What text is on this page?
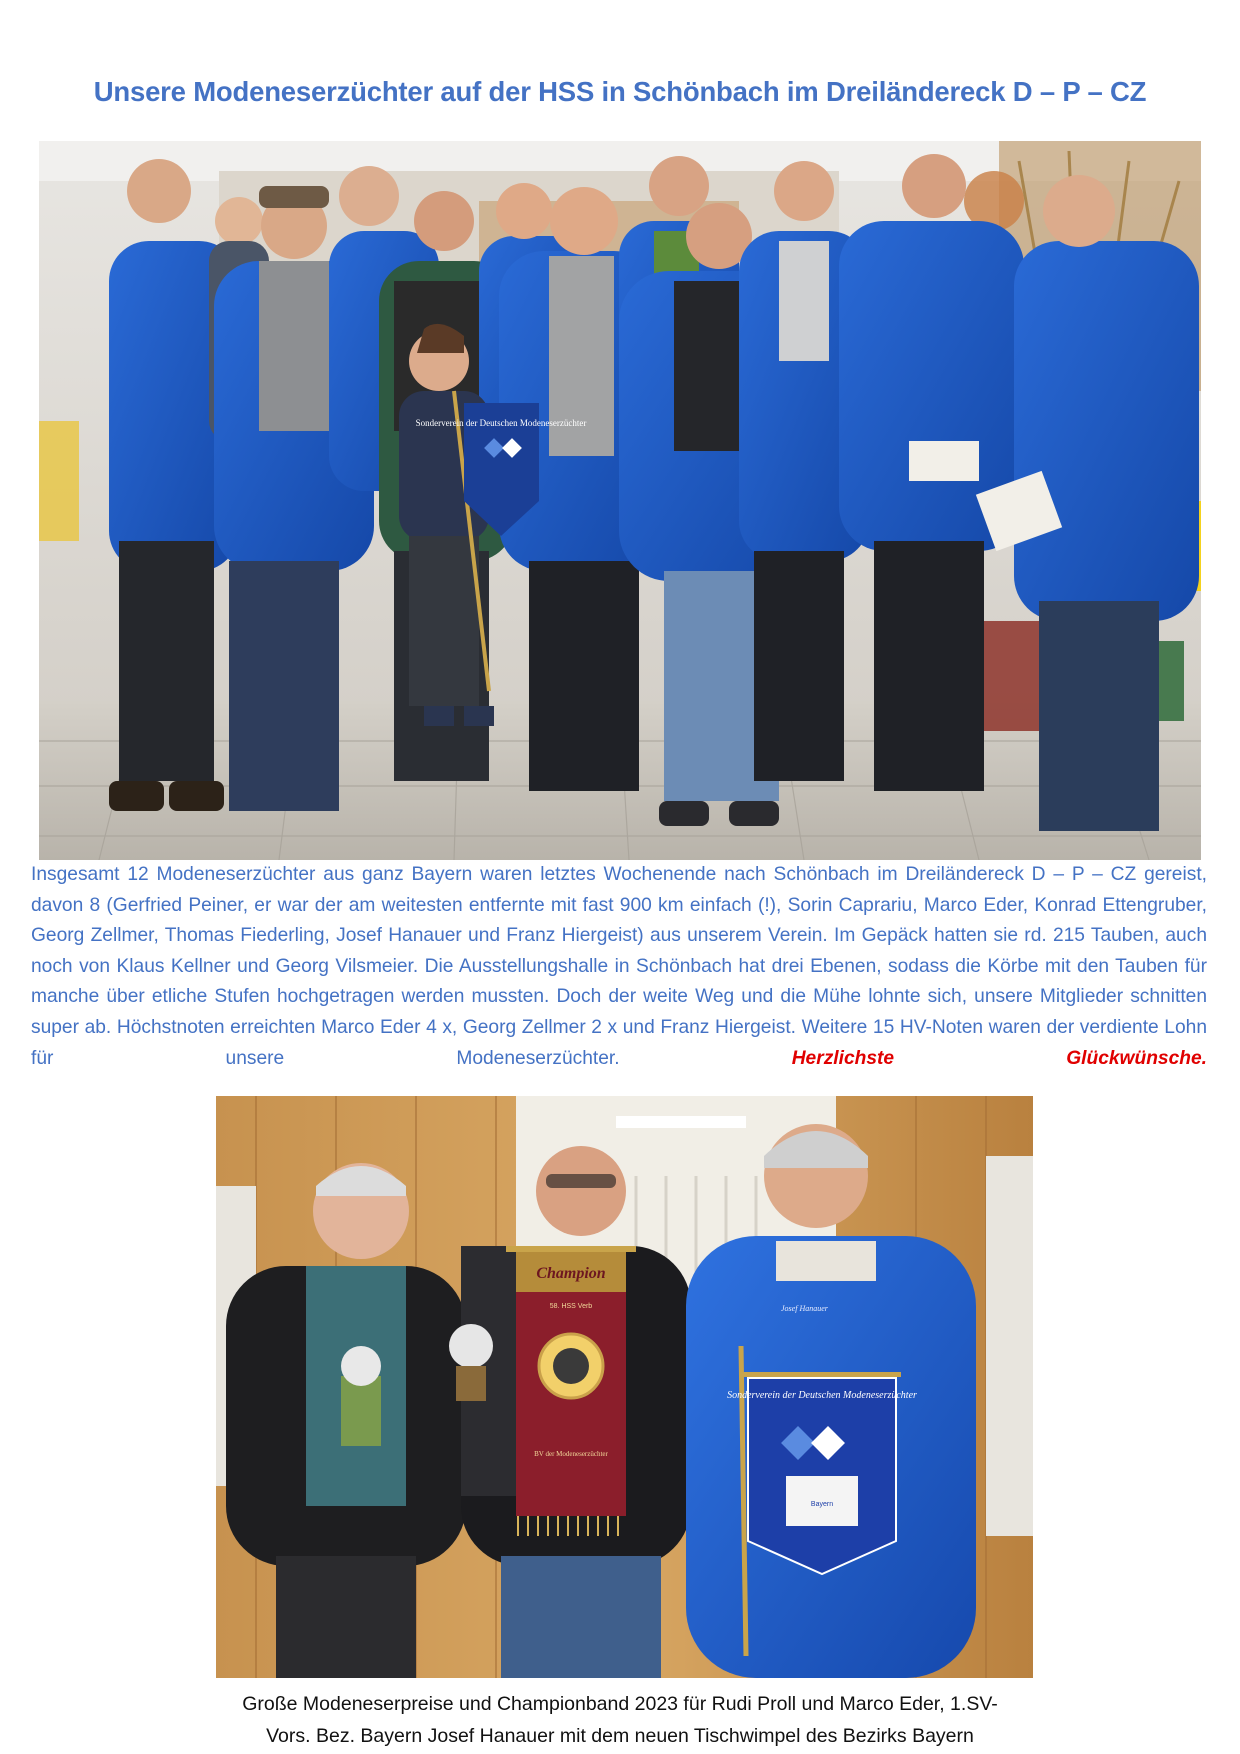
Unsere Modeneserzüchter auf der HSS in Schönbach im Dreiländereck D – P – CZ
Sonderverein der Deutschen Modeneserzüchter
Insgesamt 12 Modeneserzüchter aus ganz Bayern waren letztes Wochenende nach Schönbach im Dreiländereck D – P – CZ gereist, davon 8 (Gerfried Peiner, er war der am weitesten entfernte mit fast 900 km einfach (!), Sorin Caprariu, Marco Eder, Konrad Ettengruber, Georg Zellmer, Thomas Fiederling, Josef Hanauer und Franz Hiergeist) aus unserem Verein. Im Gepäck hatten sie rd. 215 Tauben, auch noch von Klaus Kellner und Georg Vilsmeier. Die Ausstellungshalle in Schönbach hat drei Ebenen, sodass die Körbe mit den Tauben für manche über etliche Stufen hochgetragen werden mussten. Doch der weite Weg und die Mühe lohnte sich, unsere Mitglieder schnitten super ab. Höchstnoten erreichten Marco Eder 4 x, Georg Zellmer 2 x und Franz Hiergeist. Weitere 15 HV-Noten waren der verdiente Lohn für unsere Modeneserzüchter.	Herzlichste Glückwünsche.
Champion
58. HSS Verb
BV der Modeneserzüchter
Josef Hanauer
Sonderverein der Deutschen Modeneserzüchter
Bayern
Große Modeneserpreise und Championband 2023 für Rudi Proll und Marco Eder, 1.SV-
Vors. Bez. Bayern Josef Hanauer mit dem neuen Tischwimpel des Bezirks Bayern
